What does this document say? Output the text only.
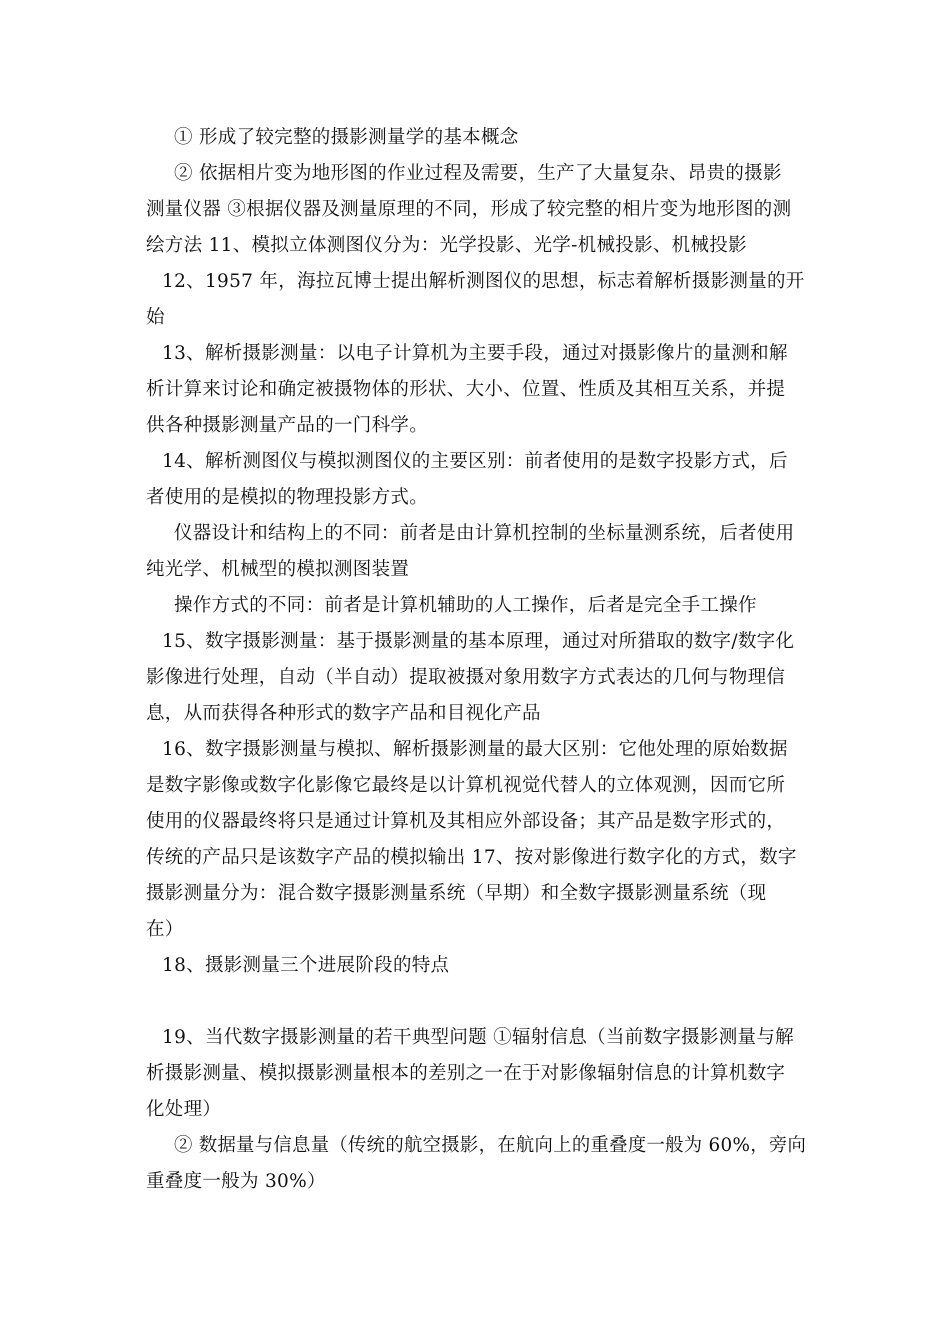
① 形成了较完整的摄影测量学的基本概念
② 依据相片变为地形图的作业过程及需要，生产了大量复杂、昂贵的摄影
测量仪器 ③根据仪器及测量原理的不同，形成了较完整的相片变为地形图的测
绘方法 11、模拟立体测图仪分为：光学投影、光学-机械投影、机械投影
12、1957 年，海拉瓦博士提出解析测图仪的思想，标志着解析摄影测量的开
始
13、解析摄影测量：以电子计算机为主要手段，通过对摄影像片的量测和解
析计算来讨论和确定被摄物体的形状、大小、位置、性质及其相互关系，并提
供各种摄影测量产品的一门科学。
14、解析测图仪与模拟测图仪的主要区别：前者使用的是数字投影方式，后
者使用的是模拟的物理投影方式。
仪器设计和结构上的不同：前者是由计算机控制的坐标量测系统，后者使用
纯光学、机械型的模拟测图装置
操作方式的不同：前者是计算机辅助的人工操作，后者是完全手工操作
15、数字摄影测量：基于摄影测量的基本原理，通过对所猎取的数字/数字化
影像进行处理，自动（半自动）提取被摄对象用数字方式表达的几何与物理信
息，从而获得各种形式的数字产品和目视化产品
16、数字摄影测量与模拟、解析摄影测量的最大区别：它他处理的原始数据
是数字影像或数字化影像它最终是以计算机视觉代替人的立体观测，因而它所
使用的仪器最终将只是通过计算机及其相应外部设备；其产品是数字形式的，
传统的产品只是该数字产品的模拟输出 17、按对影像进行数字化的方式，数字
摄影测量分为：混合数字摄影测量系统（早期）和全数字摄影测量系统（现
在）
18、摄影测量三个进展阶段的特点
19、当代数字摄影测量的若干典型问题 ①辐射信息（当前数字摄影测量与解
析摄影测量、模拟摄影测量根本的差别之一在于对影像辐射信息的计算机数字
化处理）
② 数据量与信息量（传统的航空摄影，在航向上的重叠度一般为 60%，旁向
重叠度一般为 30%）
